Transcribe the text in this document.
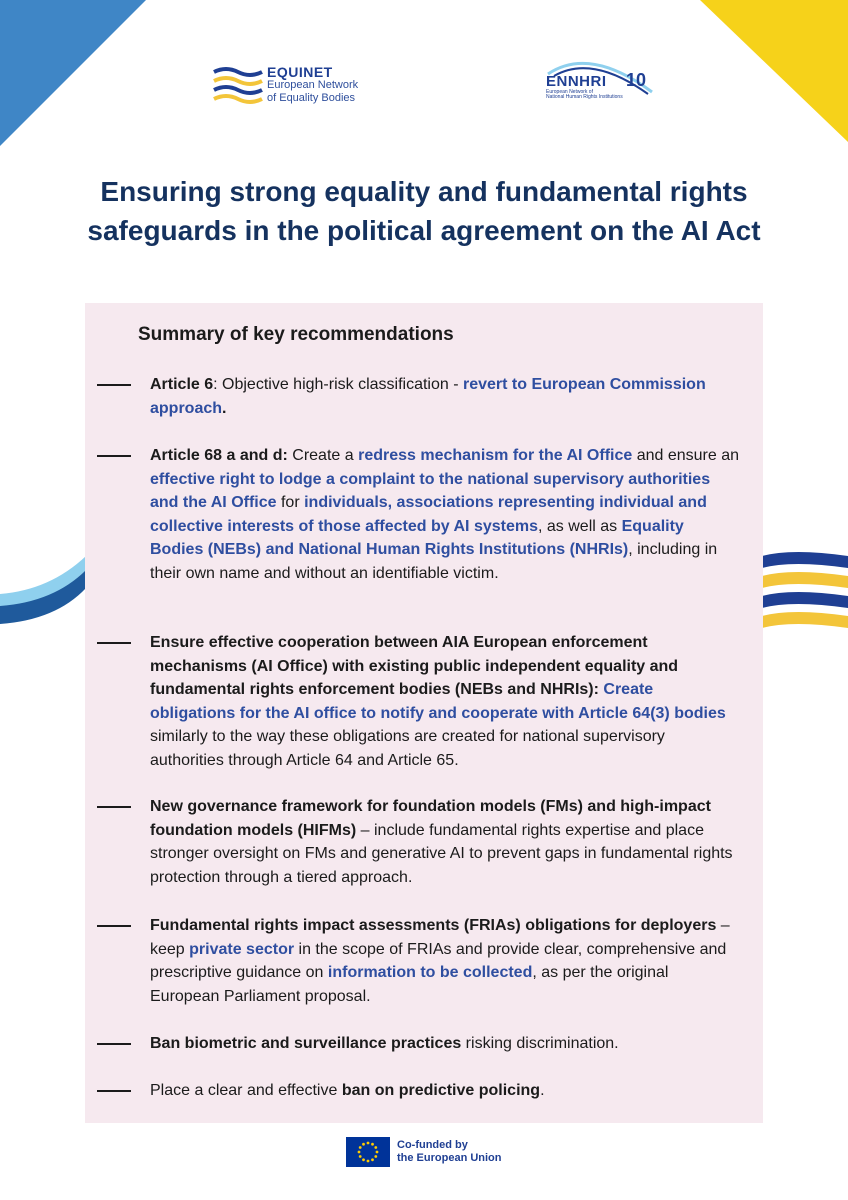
EQUINET
European Network
of Equality Bodies
ENNHRI 10
European Network of
National Human Rights Institutions
Ensuring strong equality and fundamental rights
safeguards in the political agreement on the AI Act
Summary of key recommendations
Article 6: Objective high-risk classification - revert to European Commission approach.
Article 68 a and d: Create a redress mechanism for the AI Office and ensure an effective right to lodge a complaint to the national supervisory authorities and the AI Office for individuals, associations representing individual and collective interests of those affected by AI systems, as well as Equality Bodies (NEBs) and National Human Rights Institutions (NHRIs), including in their own name and without an identifiable victim.
Ensure effective cooperation between AIA European enforcement mechanisms (AI Office) with existing public independent equality and fundamental rights enforcement bodies (NEBs and NHRIs): Create obligations for the AI office to notify and cooperate with Article 64(3) bodies similarly to the way these obligations are created for national supervisory authorities through Article 64 and Article 65.
New governance framework for foundation models (FMs) and high-impact foundation models (HIFMs) – include fundamental rights expertise and place stronger oversight on FMs and generative AI to prevent gaps in fundamental rights protection through a tiered approach.
Fundamental rights impact assessments (FRIAs) obligations for deployers – keep private sector in the scope of FRIAs and provide clear, comprehensive and prescriptive guidance on information to be collected, as per the original European Parliament proposal.
Ban biometric and surveillance practices risking discrimination.
Place a clear and effective ban on predictive policing.
Co-funded by
the European Union
